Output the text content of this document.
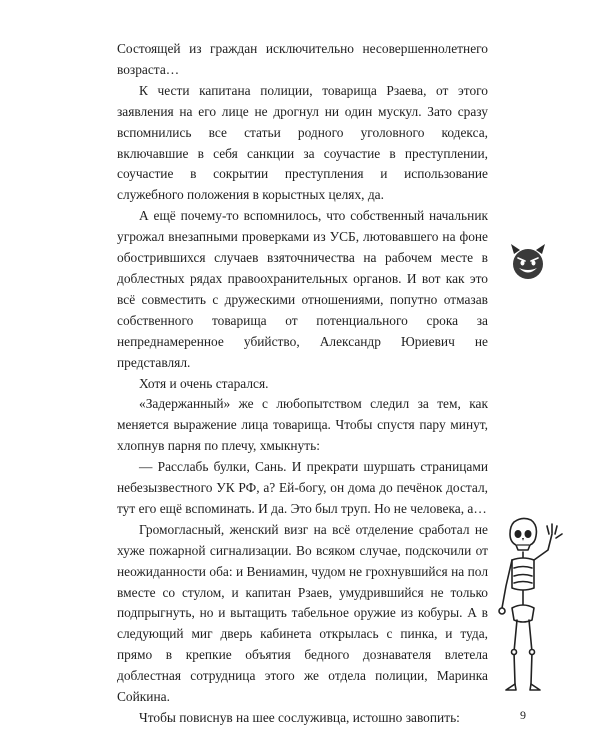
Состоящей из граждан исключительно несовершеннолетнего возраста…

К чести капитана полиции, товарища Рзаева, от этого заявления на его лице не дрогнул ни один мускул. Зато сразу вспомнились все статьи родного уголовного кодекса, включавшие в себя санкции за соучастие в преступлении, соучастие в сокрытии преступления и использование служебного положения в корыстных целях, да.

А ещё почему-то вспомнилось, что собственный начальник угрожал внезапными проверками из УСБ, лютовавшего на фоне обострившихся случаев взяточничества на рабочем месте в доблестных рядах правоохранительных органов. И вот как это всё совместить с дружескими отношениями, попутно отмазав собственного товарища от потенциального срока за непреднамеренное убийство, Александр Юриевич не представлял.

Хотя и очень старался.

«Задержанный» же с любопытством следил за тем, как меняется выражение лица товарища. Чтобы спустя пару минут, хлопнув парня по плечу, хмыкнуть:

— Расслабь булки, Сань. И прекрати шуршать страницами небезызвестного УК РФ, а? Ей-богу, он дома до печёнок достал, тут его ещё вспоминать. И да. Это был труп. Но не человека, а…

Громогласный, женский визг на всё отделение сработал не хуже пожарной сигнализации. Во всяком случае, подскочили от неожиданности оба: и Вениамин, чудом не грохнувшийся на пол вместе со стулом, и капитан Рзаев, умудрившийся не только подпрыгнуть, но и вытащить табельное оружие из кобуры. А в следующий миг дверь кабинета открылась с пинка, и туда, прямо в крепкие объятия бедного дознавателя влетела доблестная сотрудница этого же отдела полиции, Маринка Сойкина.

Чтобы повиснув на шее сослуживца, истошно завопить:	9
